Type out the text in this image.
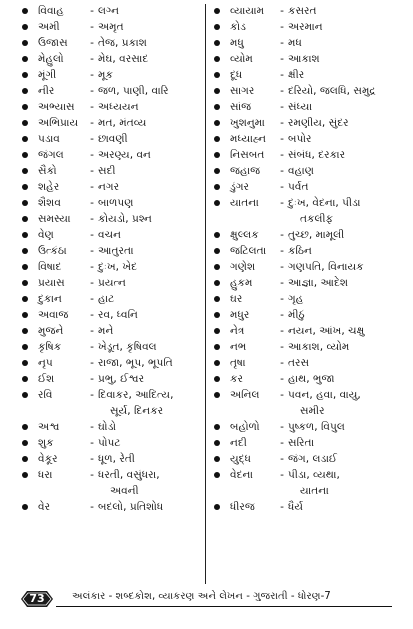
વિવાહ	- લગ્ન
અમી	- અમૃત
ઉજાસ	- તેજ, પ્રકાશ
મેહુલો	- મેઘ, વરસાદ
મૂંગી	- મૂક
નીર	- જળ, પાણી, વારિ
અભ્યાસ	- અધ્યયન
અભિપ્રાય	- મત, મંતવ્ય
પડાવ	- છાવણી
જંગલ	- અરણ્ય, વન
સૈકો	- સદી
શહેર	- નગર
શૈશવ	- બાળપણ
સમસ્યા	- કોયડો, પ્રશ્ન
વેણ	- વચન
ઉત્કંઠા	- આતુરતા
વિષાદ	- દુઃખ, ખેદ
પ્રયાસ	- પ્રયત્ન
દુકાન	- હાટ
અવાજ	- રવ, ધ્વનિ
મુજને	- મને
કૃષિક	- ખેડૂત, કૃષિવલ
નૃપ	- રાજા, ભૂપ, ભૂપતિ
ઈશ	- પ્રભુ, ઈશ્વર
રવિ	- દિવાકર, આદિત્ય,
સૂર્ય, દિનકર
અશ્વ	- ઘોડો
શુક	- પોપટ
વેકૂર	- ધૂળ, રેતી
ધરા	- ધરતી, વસુંધરા,
અવની
વેર	- બદલો, પ્રતિશોધ
વ્યાયામ	- કસરત
કોડ	- અરમાન
મધુ	- મધ
વ્યોમ	- આકાશ
દૂધ	- ક્ષીર
સાગર	- દરિયો, જલધિ, સમુદ્ર
સાંજ	- સંધ્યા
ખુશનુમા	- રમણીય, સુંદર
મધ્યાહ્ન	- બપોર
નિસબત	- સંબંધ, દરકાર
જહાજ	- વહાણ
ડુંગર	- પર્વત
યાતના	- દુઃખ, વેદના, પીડા
તકલીફ
ક્ષુલ્લક	- તુચ્છ, મામૂલી
જટિલતા	- કઠિન
ગણેશ	- ગણપતિ, વિનાયક
હુકમ	- આજ્ઞા, આદેશ
ઘર	- ગૃહ
મધુર	- મીઠું
નેત્ર	- નયન, આંખ, ચક્ષુ
નભ	- આકાશ, વ્યોમ
તૃષા	- તરસ
કર	- હાથ, ભુજા
અનિલ	- પવન, હવા, વાયુ,
સમીર
બહોળો	- પુષ્કળ, વિપુલ
નદી	- સરિતા
યુદ્ધ	- જંગ, લડાઈ
વેદના	- પીડા, વ્યથા,
યાતના
ધીરજ	- ધૈર્ય
73	અલંકાર - શબ્દકોશ, વ્યાકરણ અને લેખન - ગુજરાતી - ધોરણ-7
